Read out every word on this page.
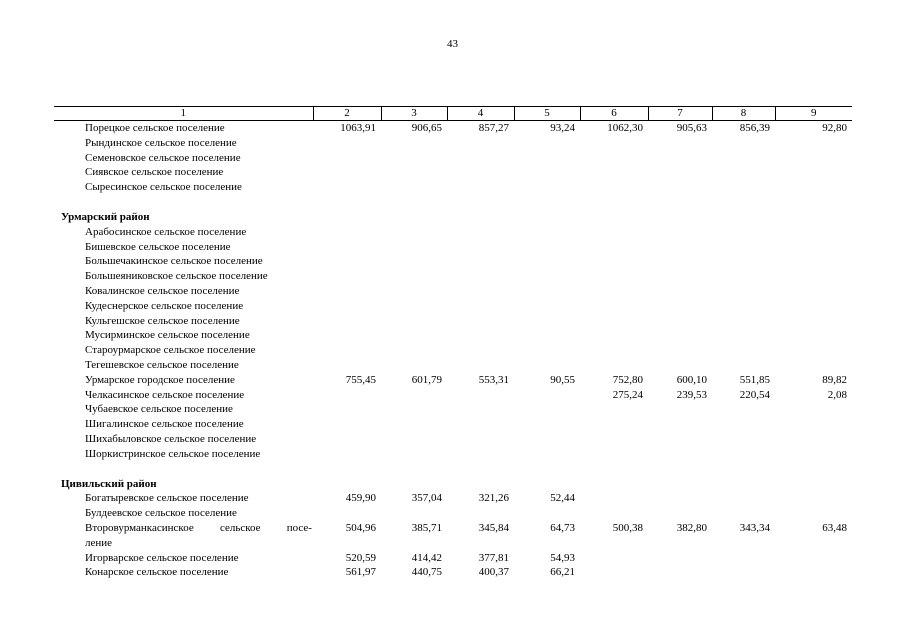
43
1	2	3	4	5	6	7	8	9
Порецкое сельское поселение	1063,91	906,65	857,27	93,24	1062,30	905,63	856,39	92,80
Рындинское сельское поселение								
Семеновское сельское поселение								
Сиявское сельское поселение								
Сыресинское сельское поселение								

Урмарский район								
Арабосинское сельское поселение								
Бишевское сельское поселение								
Большечакинское сельское поселение								
Большеяниковское сельское поселение								
Ковалинское сельское поселение								
Кудеснерское сельское поселение								
Кульгешское сельское поселение								
Мусирминское сельское поселение								
Староурмарское сельское поселение								
Тегешевское сельское поселение								
Урмарское городское поселение	755,45	601,79	553,31	90,55	752,80	600,10	551,85	89,82
Челкасинское сельское поселение					275,24	239,53	220,54	2,08
Чубаевское сельское поселение								
Шигалинское сельское поселение								
Шихабыловское сельское поселение								
Шоркистринское сельское поселение								

Цивильский район								
Богатыревское сельское поселение	459,90	357,04	321,26	52,44				
Булдеевское сельское поселение								

Второвурманкасинское сельское посе-
ление	504,96	385,71	345,84	64,73	500,38	382,80	343,34	63,48
Игорварское сельское поселение	520,59	414,42	377,81	54,93				
Конарское сельское поселение	561,97	440,75	400,37	66,21				
